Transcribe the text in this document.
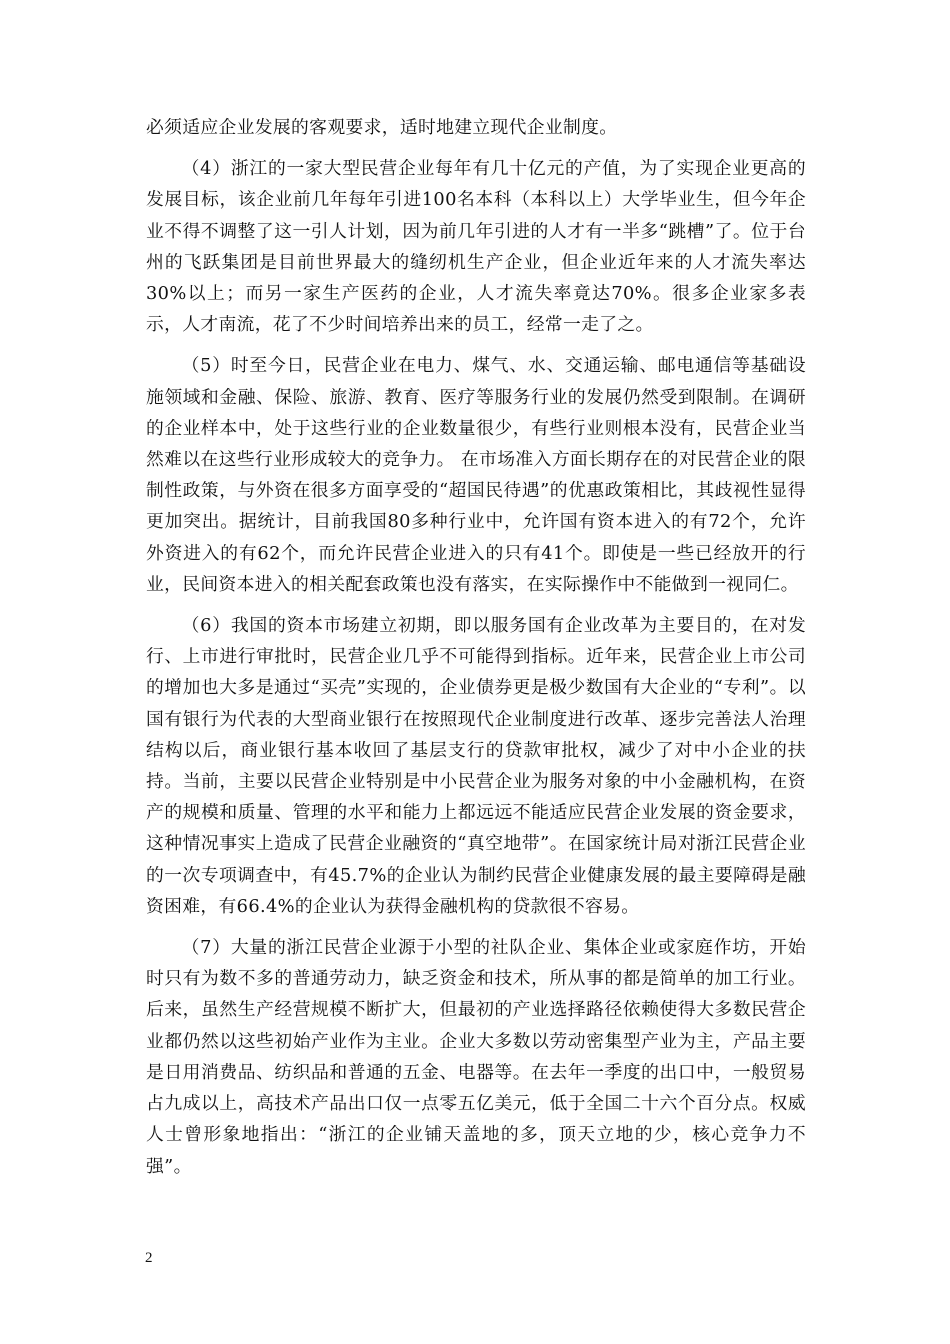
必须适应企业发展的客观要求，适时地建立现代企业制度。

（4）浙江的一家大型民营企业每年有几十亿元的产值，为了实现企业更高的发展目标，该企业前几年每年引进100名本科（本科以上）大学毕业生，但今年企业不得不调整了这一引人计划，因为前几年引进的人才有一半多“跳槽”了。位于台州的飞跃集团是目前世界最大的缝纫机生产企业，但企业近年来的人才流失率达30%以上；而另一家生产医药的企业，人才流失率竟达70%。很多企业家多表示，人才南流，花了不少时间培养出来的员工，经常一走了之。

（5）时至今日，民营企业在电力、煤气、水、交通运输、邮电通信等基础设施领域和金融、保险、旅游、教育、医疗等服务行业的发展仍然受到限制。在调研的企业样本中，处于这些行业的企业数量很少，有些行业则根本没有，民营企业当然难以在这些行业形成较大的竞争力。 在市场准入方面长期存在的对民营企业的限制性政策，与外资在很多方面享受的“超国民待遇”的优惠政策相比，其歧视性显得更加突出。据统计，目前我国80多种行业中，允许国有资本进入的有72个，允许外资进入的有62个，而允许民营企业进入的只有41个。即使是一些已经放开的行业，民间资本进入的相关配套政策也没有落实，在实际操作中不能做到一视同仁。

（6）我国的资本市场建立初期，即以服务国有企业改革为主要目的，在对发行、上市进行审批时，民营企业几乎不可能得到指标。近年来，民营企业上市公司的增加也大多是通过“买壳”实现的，企业债券更是极少数国有大企业的“专利”。以国有银行为代表的大型商业银行在按照现代企业制度进行改革、逐步完善法人治理结构以后，商业银行基本收回了基层支行的贷款审批权，减少了对中小企业的扶持。当前，主要以民营企业特别是中小民营企业为服务对象的中小金融机构，在资产的规模和质量、管理的水平和能力上都远远不能适应民营企业发展的资金要求，这种情况事实上造成了民营企业融资的“真空地带”。在国家统计局对浙江民营企业的一次专项调查中，有45.7%的企业认为制约民营企业健康发展的最主要障碍是融资困难，有66.4%的企业认为获得金融机构的贷款很不容易。

（7）大量的浙江民营企业源于小型的社队企业、集体企业或家庭作坊，开始时只有为数不多的普通劳动力，缺乏资金和技术，所从事的都是简单的加工行业。后来，虽然生产经营规模不断扩大，但最初的产业选择路径依赖使得大多数民营企业都仍然以这些初始产业作为主业。企业大多数以劳动密集型产业为主，产品主要是日用消费品、纺织品和普通的五金、电器等。在去年一季度的出口中，一般贸易占九成以上，高技术产品出口仅一点零五亿美元，低于全国二十六个百分点。权威人士曾形象地指出：“浙江的企业铺天盖地的多，顶天立地的少，核心竞争力不强”。

2
